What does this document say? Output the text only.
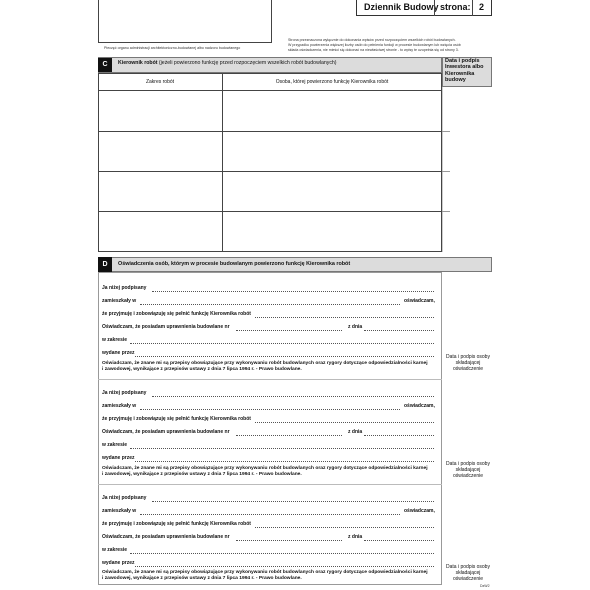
Pieczęć organu administracji architektoniczno-budowlanej albo nadzoru budowlanego
Dziennik Budowy strona: 2
Strona przeznaczona wyłącznie do dokonania wpisów przed rozpoczęciem wszelkich robót budowlanych.
W przypadku powierzenia większej liczby osób do pełnienia funkcji w procesie budowlanym lub wzięcia osób
składa oświadczenia, nie mieści się dokonać na niewłaściwej stronie - to wpisy te uzupełnia się od strony 3.
C	Kierownik robót (jeżeli powierzono funkcję przed rozpoczęciem wszelkich robót budowlanych)	Data i podpis Inwestora albo Kierownika budowy
Zakres robót	Osoba, której powierzono funkcję Kierownika robót
D	Oświadczenia osób, którym w procesie budowlanym powierzono funkcję Kierownika robót
Ja niżej podpisany
zamieszkały w	oświadczam,
że przyjmuję i zobowiązuję się pełnić funkcję Kierownika robót
Oświadczam, że posiadam uprawnienia budowlane nr	z dnia
w zakresie
wydane przez
Oświadczam, że znane mi są przepisy obowiązujące przy wykonywaniu robót budowlanych oraz rygory dotyczące odpowiedzialności karnej
i zawodowej, wynikające z przepisów ustawy z dnia 7 lipca 1994 r. - Prawo budowlane.
Data i podpis osoby składającej oświadczenie
Ja niżej podpisany
zamieszkały w	oświadczam,
że przyjmuję i zobowiązuję się pełnić funkcję Kierownika robót
Oświadczam, że posiadam uprawnienia budowlane nr	z dnia
w zakresie
wydane przez
Oświadczam, że znane mi są przepisy obowiązujące przy wykonywaniu robót budowlanych oraz rygory dotyczące odpowiedzialności karnej
i zawodowej, wynikające z przepisów ustawy z dnia 7 lipca 1994 r. - Prawo budowlane.
Data i podpis osoby składającej oświadczenie
Ja niżej podpisany
zamieszkały w	oświadczam,
że przyjmuję i zobowiązuję się pełnić funkcję Kierownika robót
Oświadczam, że posiadam uprawnienia budowlane nr	z dnia
w zakresie
wydane przez
Oświadczam, że znane mi są przepisy obowiązujące przy wykonywaniu robót budowlanych oraz rygory dotyczące odpowiedzialności karnej
i zawodowej, wynikające z przepisów ustawy z dnia 7 lipca 1994 r. - Prawo budowlane.
Data i podpis osoby składającej oświadczenie
DzW2
